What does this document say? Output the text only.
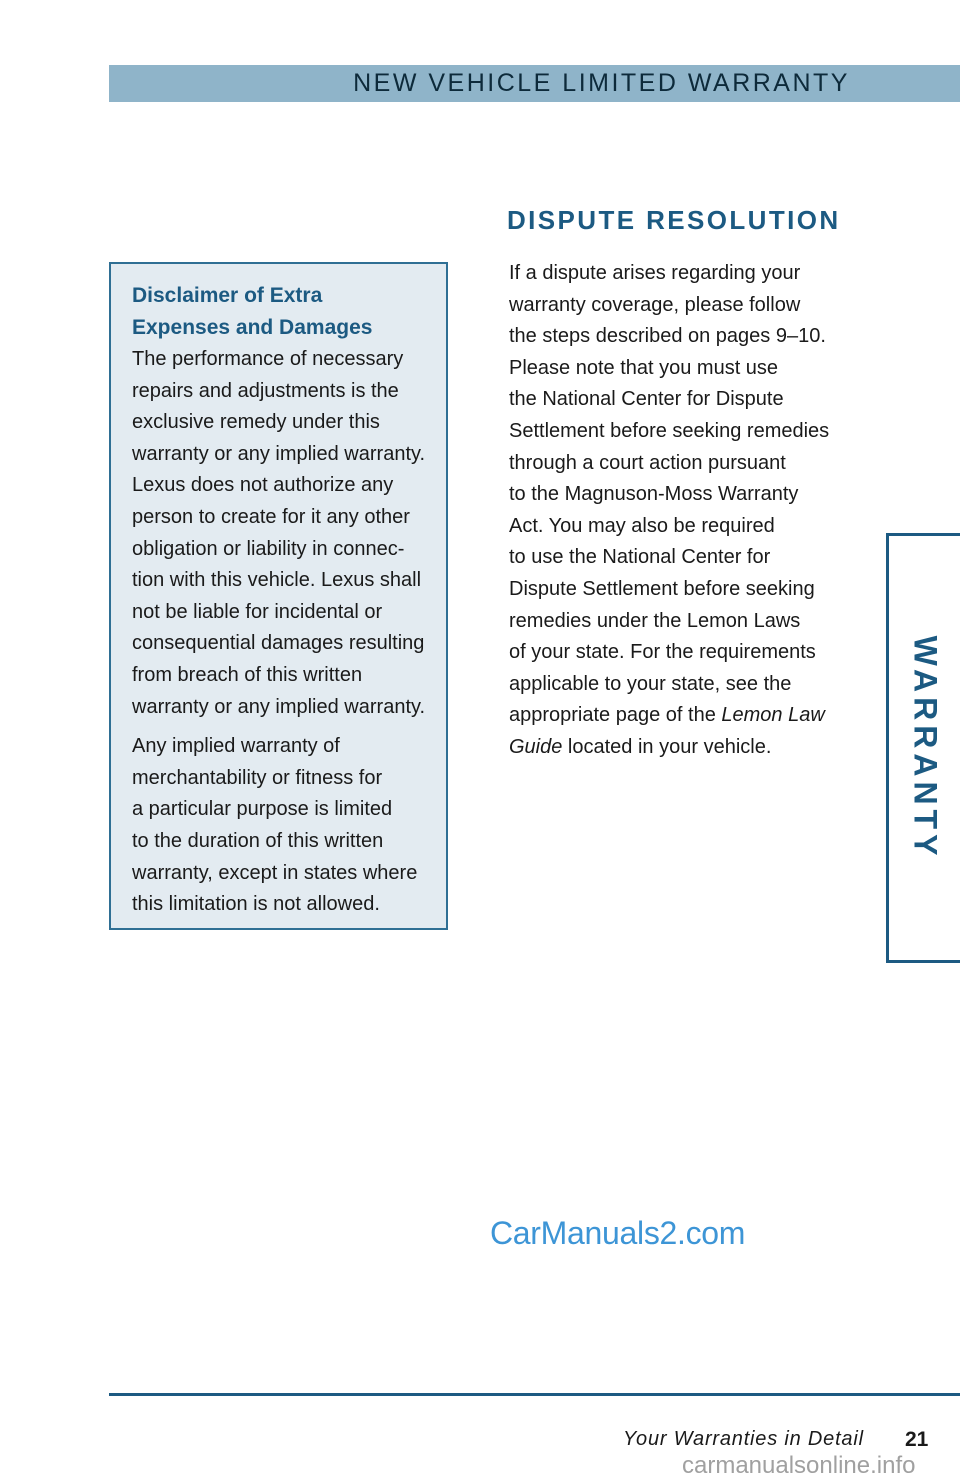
NEW VEHICLE LIMITED WARRANTY
DISPUTE RESOLUTION
Disclaimer of Extra
Expenses and Damages

The performance of necessary
repairs and adjustments is the
exclusive remedy under this
warranty or any implied warranty.
Lexus does not authorize any
person to create for it any other
obligation or liability in connec-
tion with this vehicle. Lexus shall
not be liable for incidental or
consequential damages resulting
from breach of this written
warranty or any implied warranty.

Any implied warranty of
merchantability or fitness for
a particular purpose is limited
to the duration of this written
warranty, except in states where
this limitation is not allowed.

If a dispute arises regarding your
warranty coverage, please follow
the steps described on pages 9–10.
Please note that you must use
the National Center for Dispute
Settlement before seeking remedies
through a court action pursuant
to the Magnuson-Moss Warranty
Act. You may also be required
to use the National Center for
Dispute Settlement before seeking
remedies under the Lemon Laws
of your state. For the requirements
applicable to your state, see the
appropriate page of the Lemon Law
Guide located in your vehicle.	WARRANTY
CarManuals2.com
Your Warranties in Detail 21
carmanualsonline.info
